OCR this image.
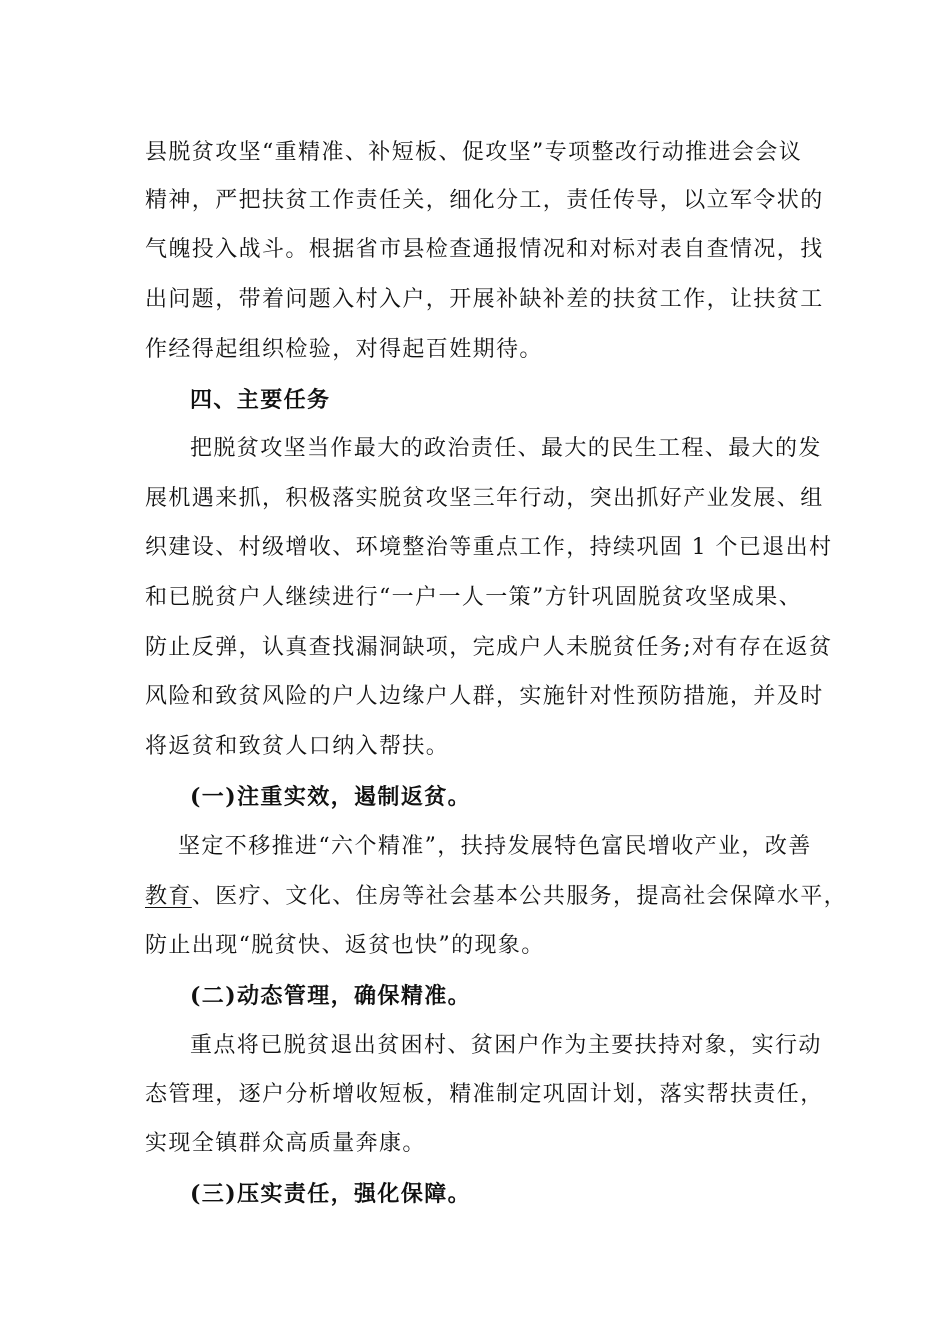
县脱贫攻坚“重精准、补短板、促攻坚”专项整改行动推进会会议
精神，严把扶贫工作责任关，细化分工，责任传导，以立军令状的
气魄投入战斗。根据省市县检查通报情况和对标对表自查情况，找
出问题，带着问题入村入户，开展补缺补差的扶贫工作，让扶贫工
作经得起组织检验，对得起百姓期待。
四、主要任务
把脱贫攻坚当作最大的政治责任、最大的民生工程、最大的发
展机遇来抓，积极落实脱贫攻坚三年行动，突出抓好产业发展、组
织建设、村级增收、环境整治等重点工作，持续巩固 1 个已退出村
和已脱贫户人继续进行“一户一人一策”方针巩固脱贫攻坚成果、
防止反弹，认真查找漏洞缺项，完成户人未脱贫任务;对有存在返贫
风险和致贫风险的户人边缘户人群，实施针对性预防措施，并及时
将返贫和致贫人口纳入帮扶。
(一)注重实效，遏制返贫。
坚定不移推进“六个精准”，扶持发展特色富民增收产业，改善
教育、医疗、文化、住房等社会基本公共服务，提高社会保障水平，
防止出现“脱贫快、返贫也快”的现象。
(二)动态管理，确保精准。
重点将已脱贫退出贫困村、贫困户作为主要扶持对象，实行动
态管理，逐户分析增收短板，精准制定巩固计划，落实帮扶责任，
实现全镇群众高质量奔康。
(三)压实责任，强化保障。
